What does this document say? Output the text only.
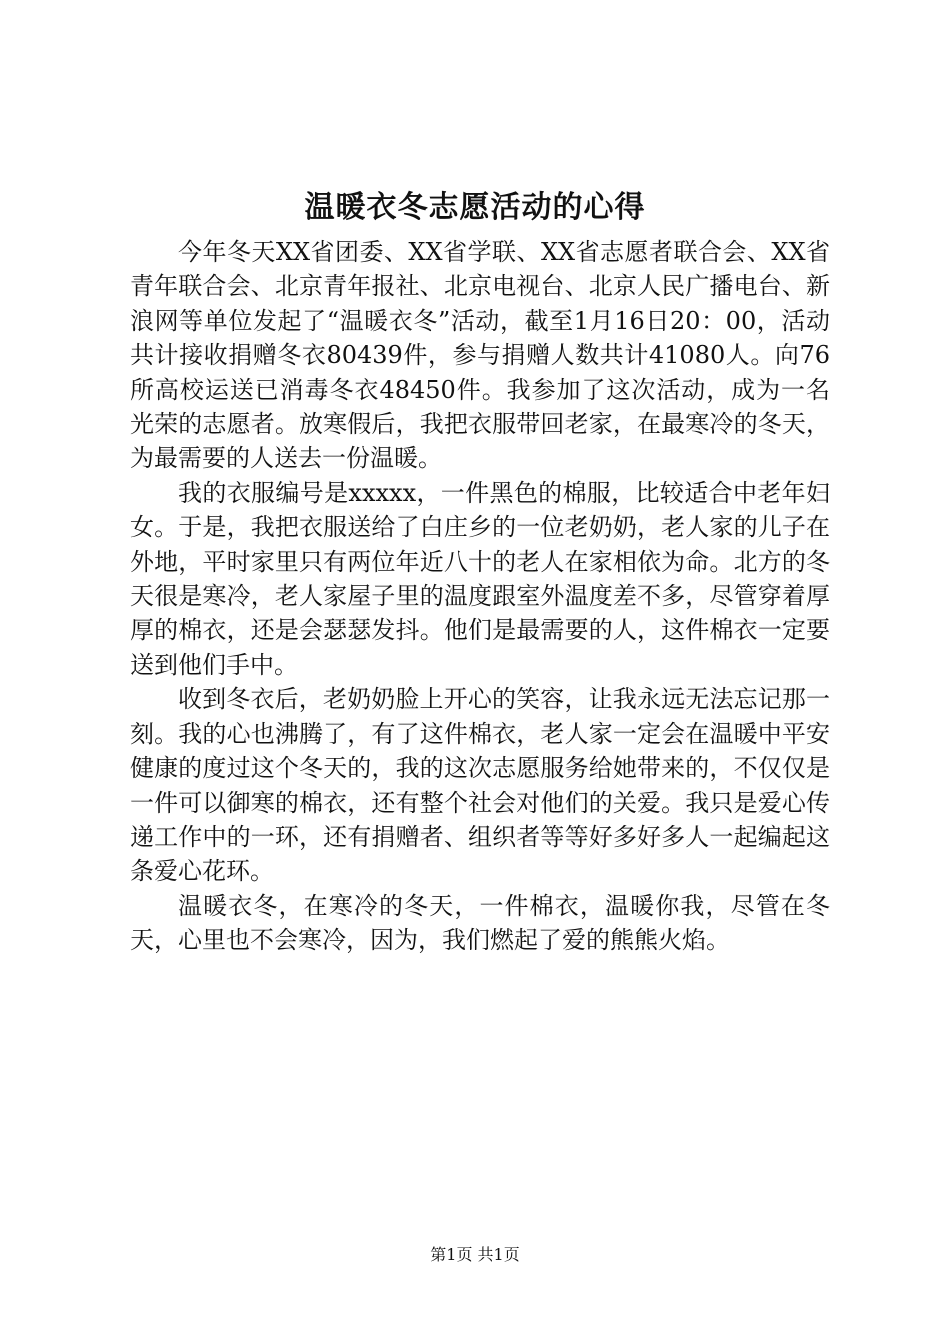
温暖衣冬志愿活动的心得

今年冬天XX省团委、XX省学联、XX省志愿者联合会、XX省青年联合会、北京青年报社、北京电视台、北京人民广播电台、新浪网等单位发起了“温暖衣冬”活动，截至1月16日20：00，活动共计接收捐赠冬衣80439件，参与捐赠人数共计41080人。向76所高校运送已消毒冬衣48450件。我参加了这次活动，成为一名光荣的志愿者。放寒假后，我把衣服带回老家，在最寒冷的冬天，为最需要的人送去一份温暖。

我的衣服编号是xxxxx，一件黑色的棉服，比较适合中老年妇女。于是，我把衣服送给了白庄乡的一位老奶奶，老人家的儿子在外地，平时家里只有两位年近八十的老人在家相依为命。北方的冬天很是寒冷，老人家屋子里的温度跟室外温度差不多，尽管穿着厚厚的棉衣，还是会瑟瑟发抖。他们是最需要的人，这件棉衣一定要送到他们手中。

收到冬衣后，老奶奶脸上开心的笑容，让我永远无法忘记那一刻。我的心也沸腾了，有了这件棉衣，老人家一定会在温暖中平安健康的度过这个冬天的，我的这次志愿服务给她带来的，不仅仅是一件可以御寒的棉衣，还有整个社会对他们的关爱。我只是爱心传递工作中的一环，还有捐赠者、组织者等等好多好多人一起编起这条爱心花环。

温暖衣冬，在寒冷的冬天，一件棉衣，温暖你我，尽管在冬天，心里也不会寒冷，因为，我们燃起了爱的熊熊火焰。

第1页 共1页
